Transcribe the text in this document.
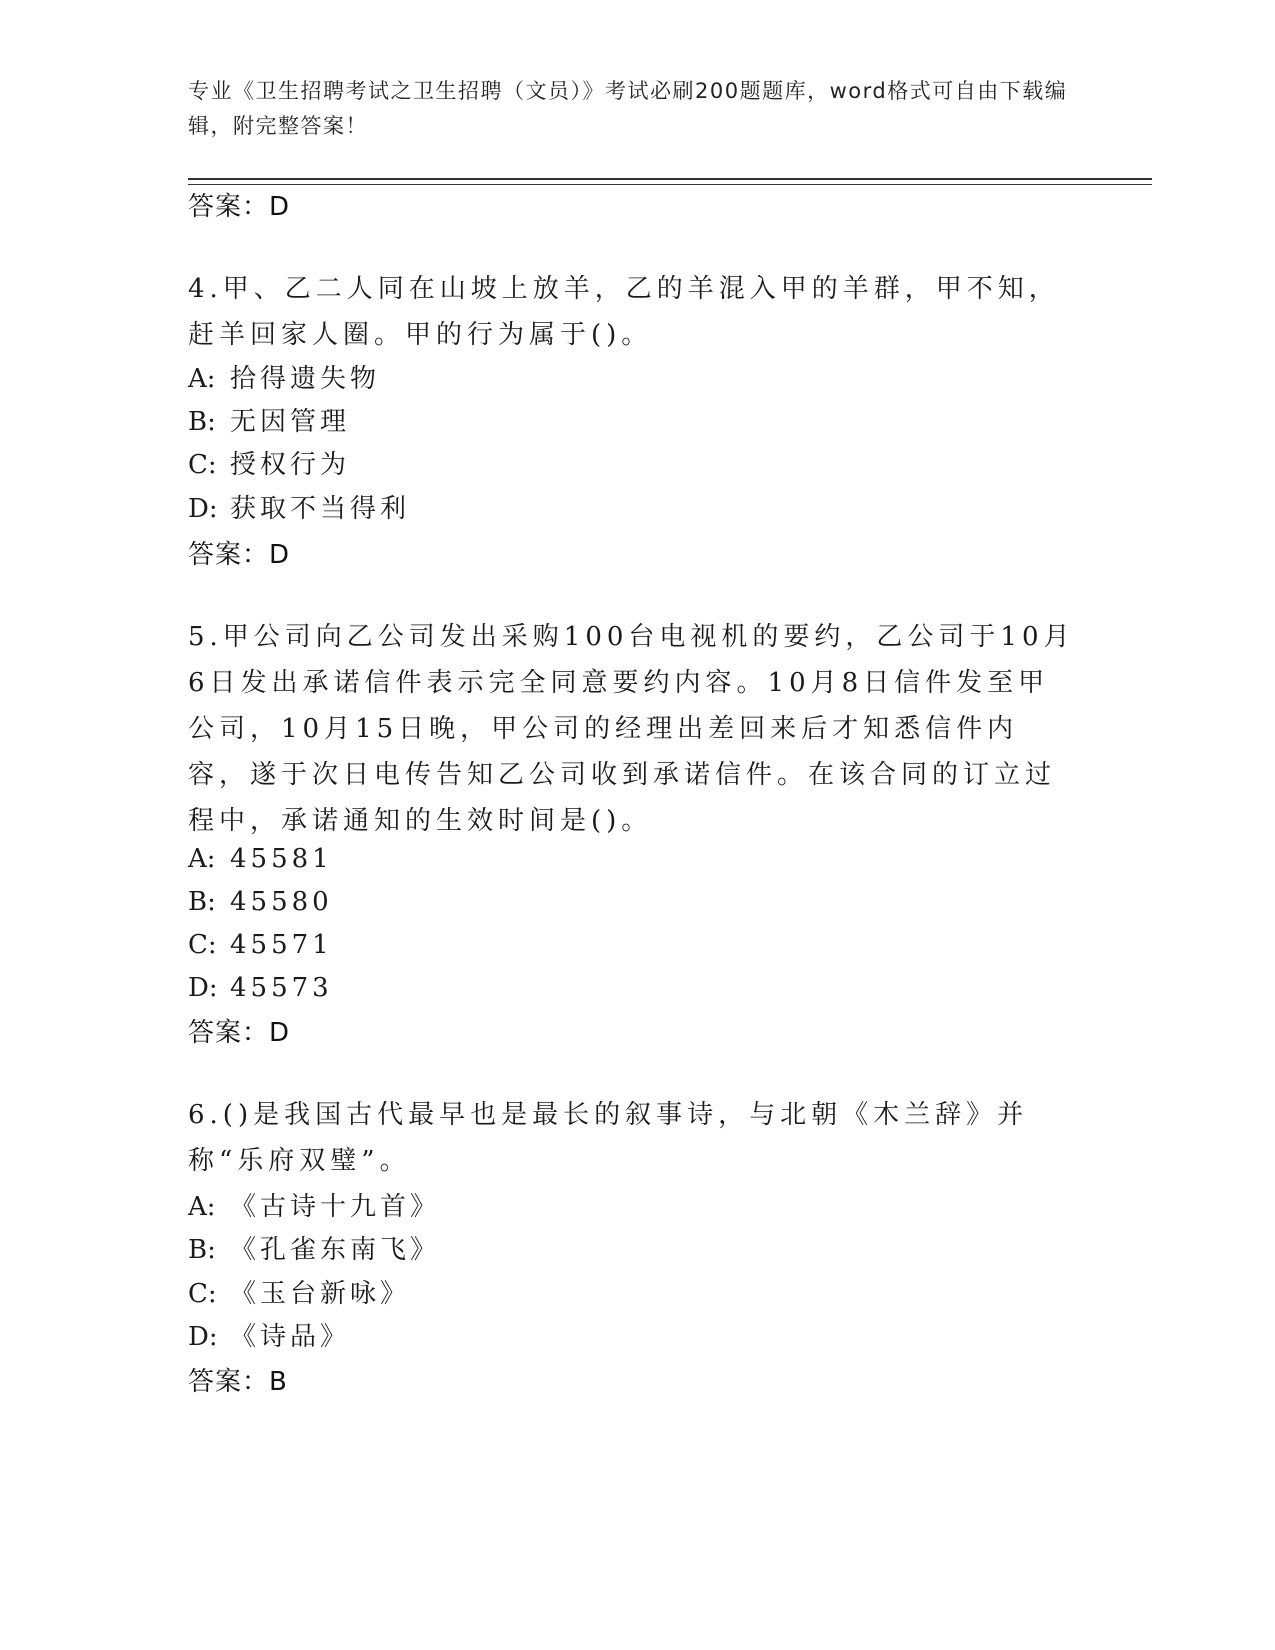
专业《卫生招聘考试之卫生招聘（文员）》考试必刷200题题库，word格式可自由下载编辑，附完整答案！
答案：D
4.甲、乙二人同在山坡上放羊，乙的羊混入甲的羊群，甲不知，赶羊回家人圈。甲的行为属于()。
A: 拾得遗失物
B: 无因管理
C: 授权行为
D: 获取不当得利
答案：D
5.甲公司向乙公司发出采购100台电视机的要约，乙公司于10月6日发出承诺信件表示完全同意要约内容。10月8日信件发至甲公司，10月15日晚，甲公司的经理出差回来后才知悉信件内容，遂于次日电传告知乙公司收到承诺信件。在该合同的订立过程中，承诺通知的生效时间是()。
A: 45581
B: 45580
C: 45571
D: 45573
答案：D
6.()是我国古代最早也是最长的叙事诗，与北朝《木兰辞》并称“乐府双璧”。
A: 《古诗十九首》
B: 《孔雀东南飞》
C: 《玉台新咏》
D: 《诗品》
答案：B
